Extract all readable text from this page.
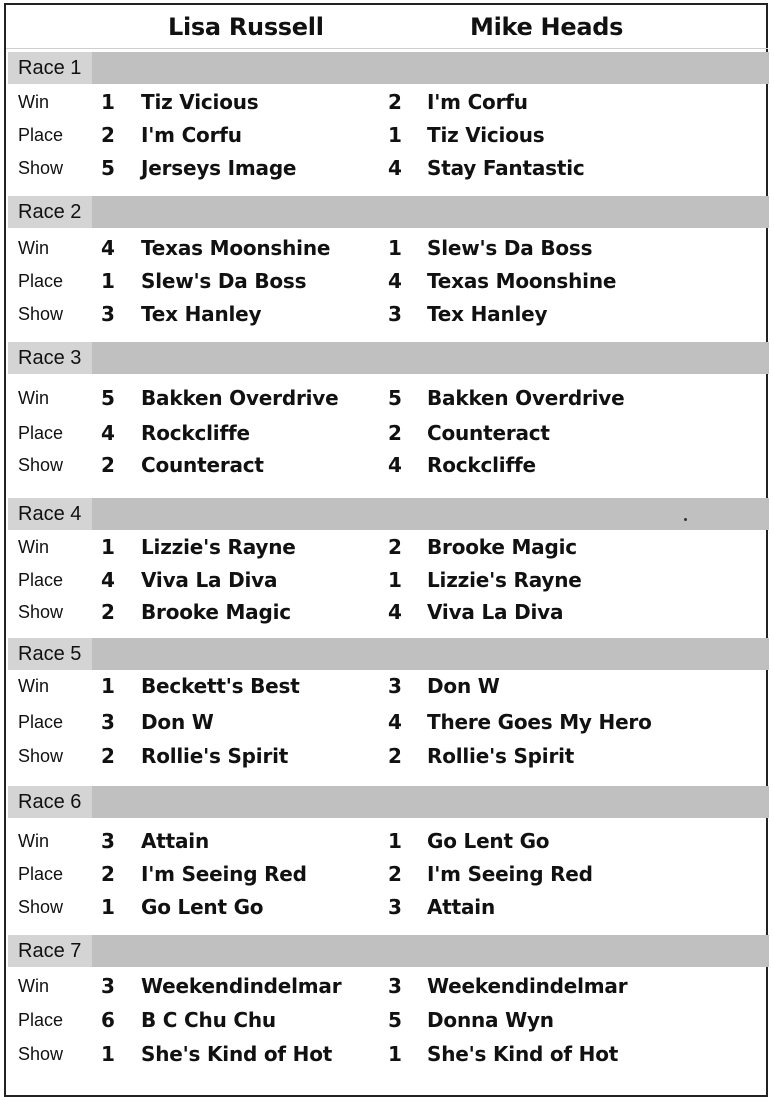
Lisa Russell	Mike Heads
Race 1
Win	1 Tiz Vicious	2 I'm Corfu
Place 2 I'm Corfu	1 Tiz Vicious
Show 5 Jerseys Image	4 Stay Fantastic
Race 2
Win	4 Texas Moonshine	1 Slew's Da Boss
Place 1 Slew's Da Boss	4 Texas Moonshine
Show 3 Tex Hanley	3 Tex Hanley
Race 3
Win	5 Bakken Overdrive 5 Bakken Overdrive
Place 4 Rockcliffe	2 Counteract
Show 2 Counteract	4 Rockcliffe
Race 4
Win	1 Lizzie's Rayne	2 Brooke Magic
Place 4 Viva La Diva	1 Lizzie's Rayne
Show 2 Brooke Magic	4 Viva La Diva
Race 5
Win	1 Beckett's Best	3 Don W
Place 3 Don W	4 There Goes My Hero
Show 2 Rollie's Spirit	2 Rollie's Spirit
Race 6
Win	3 Attain	1 Go Lent Go
Place 2 I'm Seeing Red	2 I'm Seeing Red
Show 1 Go Lent Go	3 Attain
Race 7
Win	3 Weekendindelmar 3 Weekendindelmar
Place 6 B C Chu Chu	5 Donna Wyn
Show 1 She's Kind of Hot	1 She's Kind of Hot
